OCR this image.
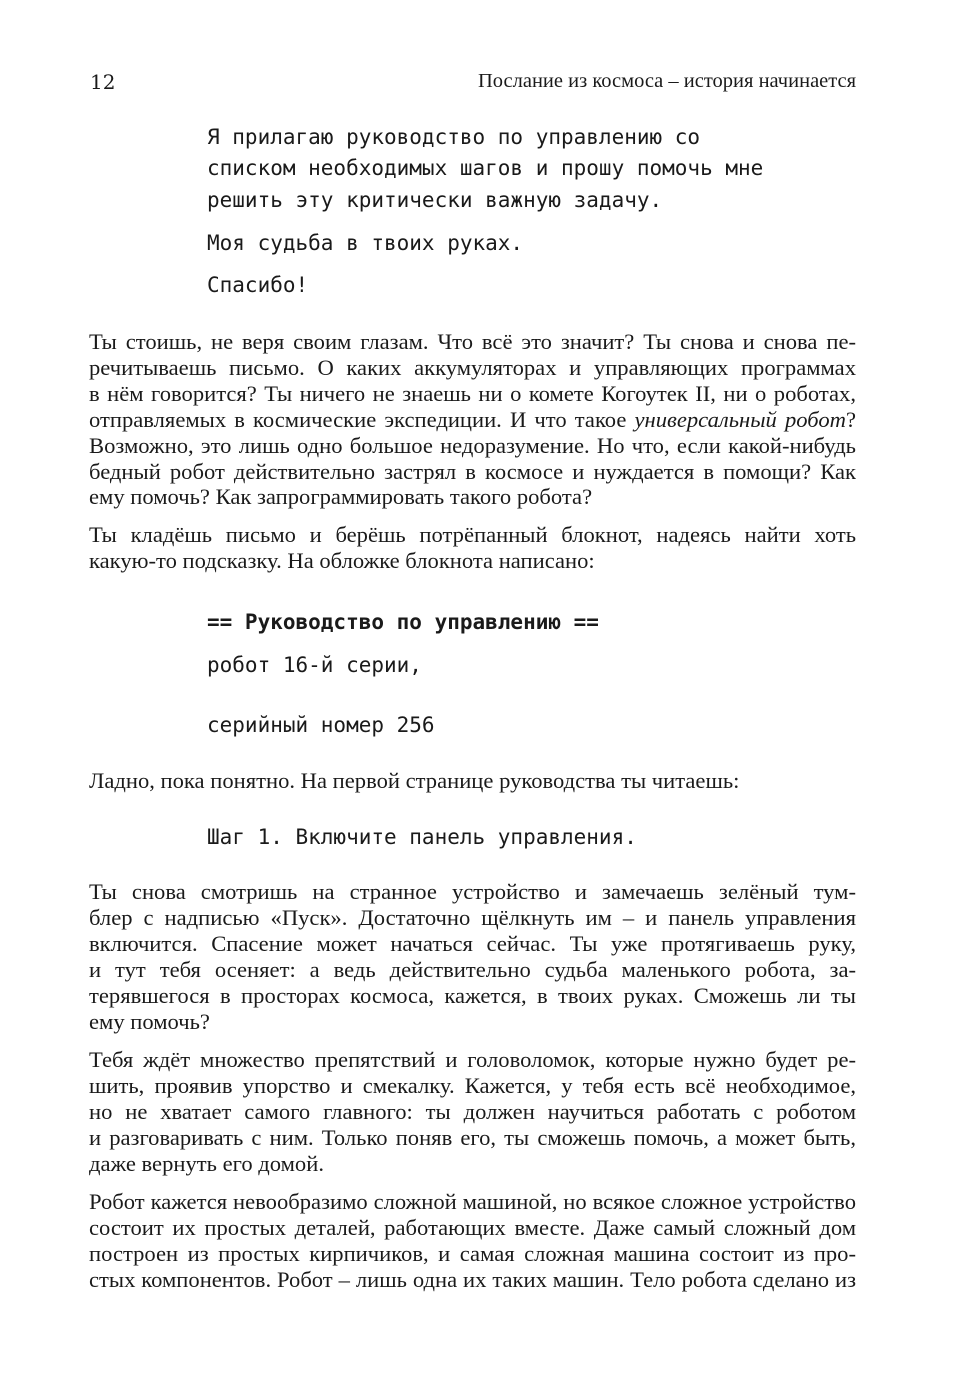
12	Послание из космоса – история начинается
Я прилагаю руководство по управлению со
списком необходимых шагов и прошу помочь мне
решить эту критически важную задачу.
Моя судьба в твоих руках.
Спасибо!
Ты стоишь, не веря своим глазам. Что всё это значит? Ты снова и снова пе-
речитываешь письмо. О каких аккумуляторах и управляющих программах
в нём говорится? Ты ничего не знаешь ни о комете Когоутек II, ни о роботах,
отправляемых в космические экспедиции. И что такое универсальный робот?
Возможно, это лишь одно большое недоразумение. Но что, если какой-нибудь
бедный робот действительно застрял в космосе и нуждается в помощи? Как
ему помочь? Как запрограммировать такого робота?
Ты кладёшь письмо и берёшь потрёпанный блокнот, надеясь найти хоть
какую-то подсказку. На обложке блокнота написано:
== Руководство по управлению ==
робот 16-й серии,
серийный номер 256
Ладно, пока понятно. На первой странице руководства ты читаешь:
Шаг 1. Включите панель управления.
Ты снова смотришь на странное устройство и замечаешь зелёный тум-
блер с надписью «Пуск». Достаточно щёлкнуть им – и панель управления
включится. Спасение может начаться сейчас. Ты уже протягиваешь руку,
и тут тебя осеняет: а ведь действительно судьба маленького робота, за-
терявшегося в просторах космоса, кажется, в твоих руках. Сможешь ли ты
ему помочь?
Тебя ждёт множество препятствий и головоломок, которые нужно будет ре-
шить, проявив упорство и смекалку. Кажется, у тебя есть всё необходимое,
но не хватает самого главного: ты должен научиться работать с роботом
и разговаривать с ним. Только поняв его, ты сможешь помочь, а может быть,
даже вернуть его домой.
Робот кажется невообразимо сложной машиной, но всякое сложное устройство
состоит их простых деталей, работающих вместе. Даже самый сложный дом
построен из простых кирпичиков, и самая сложная машина состоит из про-
стых компонентов. Робот – лишь одна их таких машин. Тело робота сделано из
